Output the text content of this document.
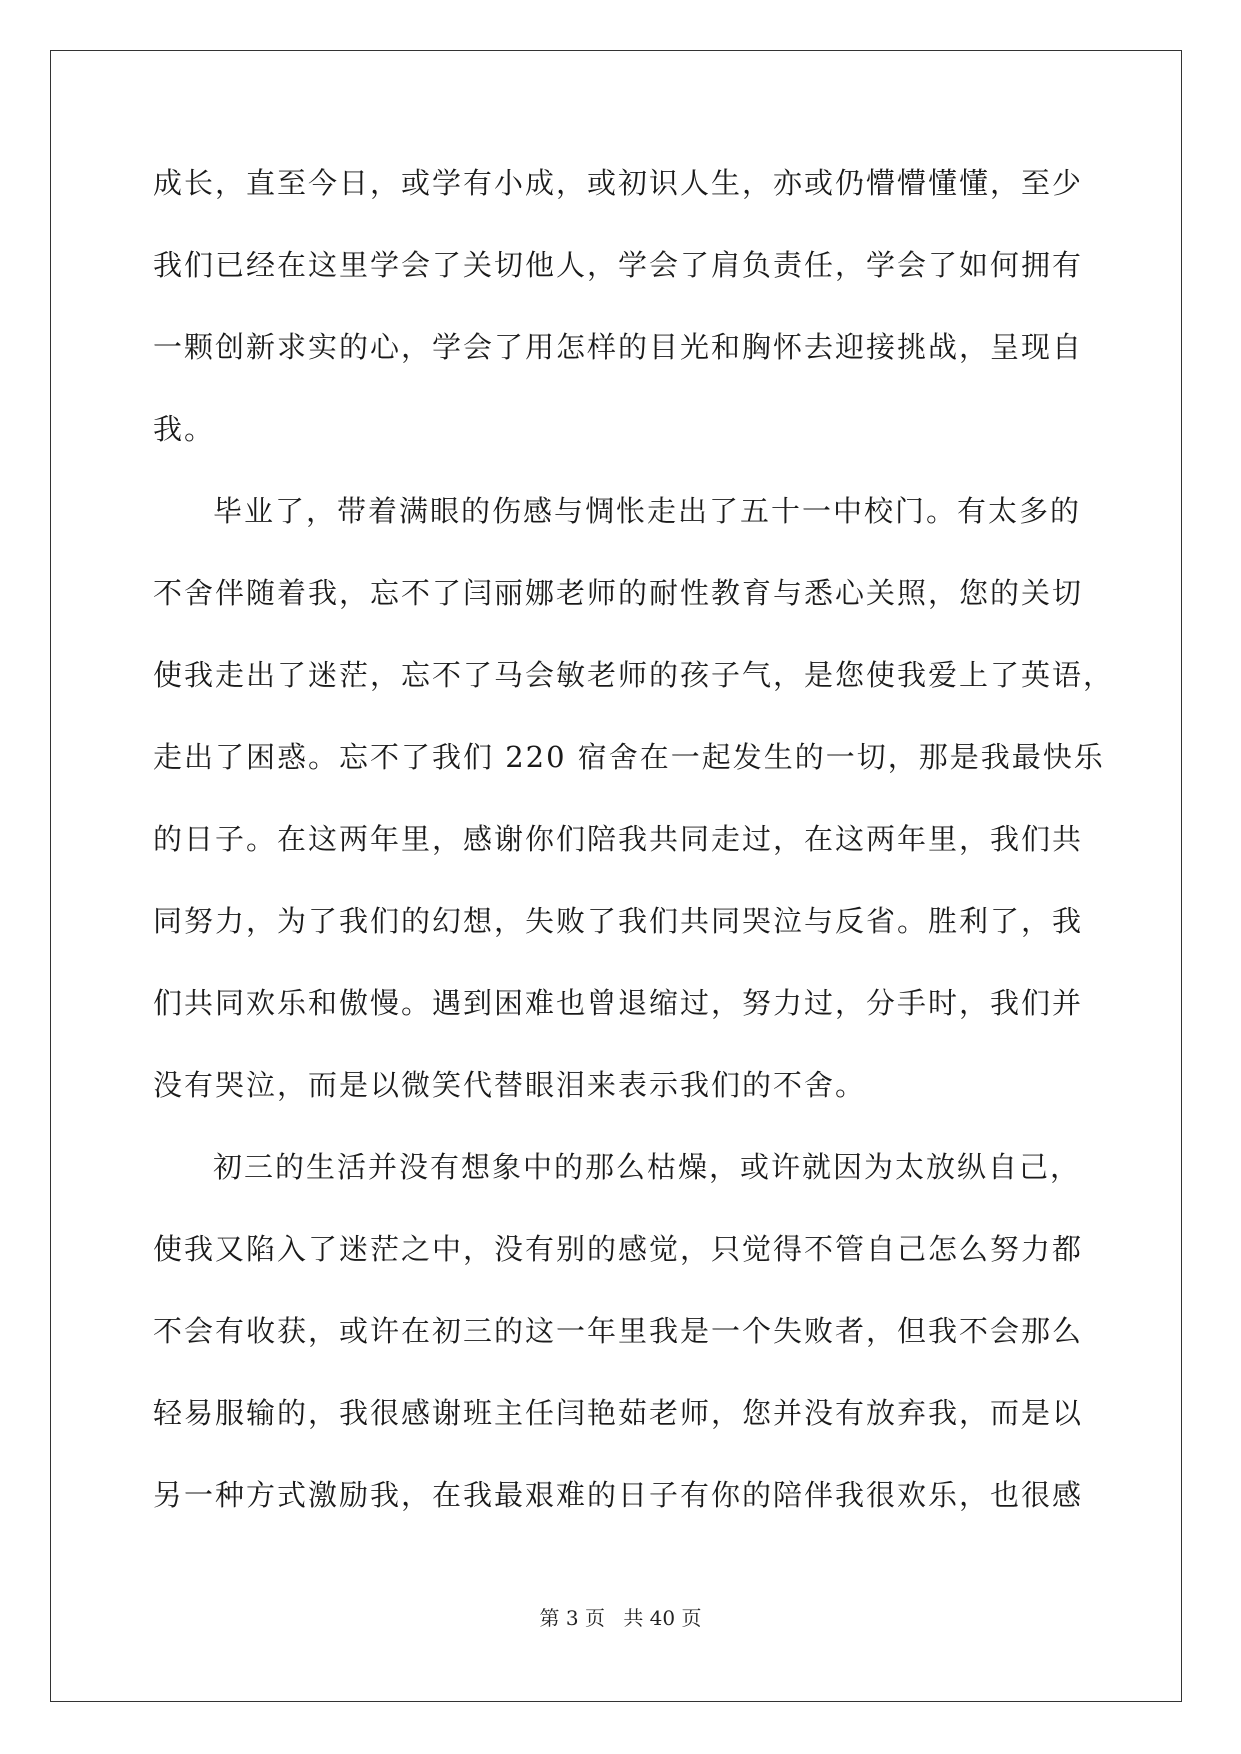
成长，直至今日，或学有小成，或初识人生，亦或仍懵懵懂懂，至少
我们已经在这里学会了关切他人，学会了肩负责任，学会了如何拥有
一颗创新求实的心，学会了用怎样的目光和胸怀去迎接挑战，呈现自
我。
毕业了，带着满眼的伤感与惆怅走出了五十一中校门。有太多的
不舍伴随着我，忘不了闫丽娜老师的耐性教育与悉心关照，您的关切
使我走出了迷茫，忘不了马会敏老师的孩子气，是您使我爱上了英语，
走出了困惑。忘不了我们 220 宿舍在一起发生的一切，那是我最快乐
的日子。在这两年里，感谢你们陪我共同走过，在这两年里，我们共
同努力，为了我们的幻想，失败了我们共同哭泣与反省。胜利了，我
们共同欢乐和傲慢。遇到困难也曾退缩过，努力过，分手时，我们并
没有哭泣，而是以微笑代替眼泪来表示我们的不舍。
初三的生活并没有想象中的那么枯燥，或许就因为太放纵自己，
使我又陷入了迷茫之中，没有别的感觉，只觉得不管自己怎么努力都
不会有收获，或许在初三的这一年里我是一个失败者，但我不会那么
轻易服输的，我很感谢班主任闫艳茹老师，您并没有放弃我，而是以
另一种方式激励我，在我最艰难的日子有你的陪伴我很欢乐，也很感
第 3 页 共 40 页
